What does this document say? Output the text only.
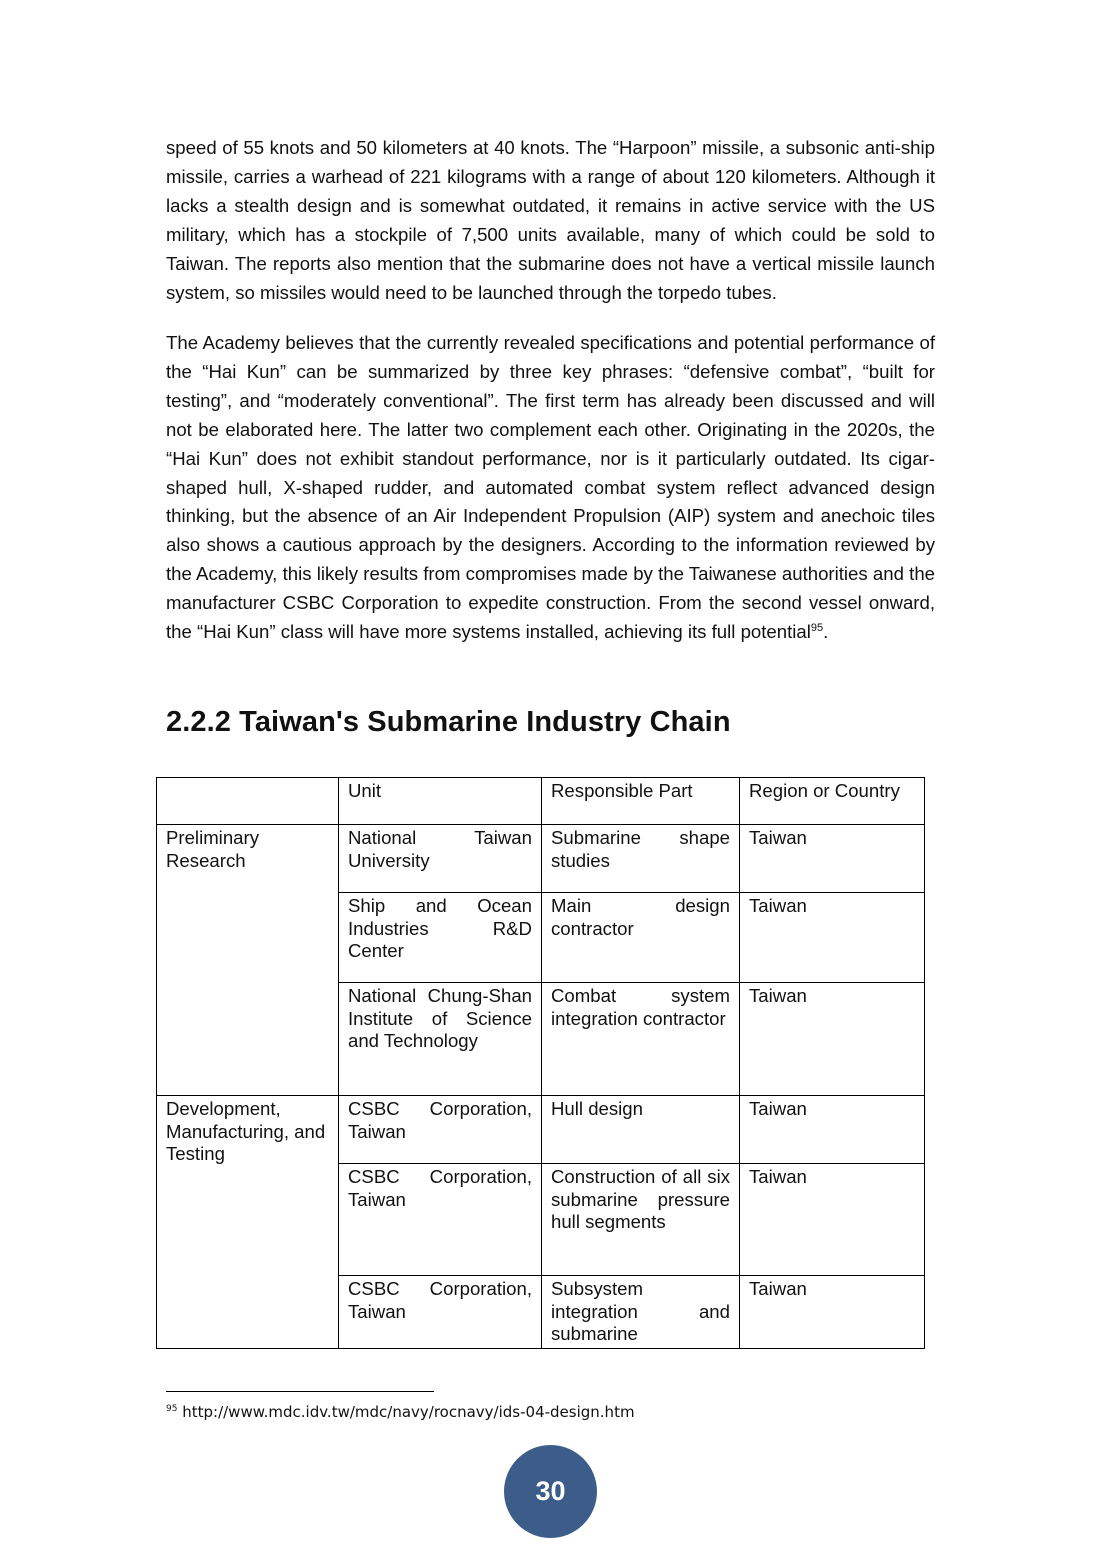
speed of 55 knots and 50 kilometers at 40 knots. The “Harpoon” missile, a subsonic anti-ship missile, carries a warhead of 221 kilograms with a range of about 120 kilometers. Although it lacks a stealth design and is somewhat outdated, it remains in active service with the US military, which has a stockpile of 7,500 units available, many of which could be sold to Taiwan. The reports also mention that the submarine does not have a vertical missile launch system, so missiles would need to be launched through the torpedo tubes.

The Academy believes that the currently revealed specifications and potential performance of the “Hai Kun” can be summarized by three key phrases: “defensive combat”, “built for testing”, and “moderately conventional”. The first term has already been discussed and will not be elaborated here. The latter two complement each other. Originating in the 2020s, the “Hai Kun” does not exhibit standout performance, nor is it particularly outdated. Its cigar-shaped hull, X-shaped rudder, and automated combat system reflect advanced design thinking, but the absence of an Air Independent Propulsion (AIP) system and anechoic tiles also shows a cautious approach by the designers. According to the information reviewed by the Academy, this likely results from compromises made by the Taiwanese authorities and the manufacturer CSBC Corporation to expedite construction. From the second vessel onward, the “Hai Kun” class will have more systems installed, achieving its full potential$^{95}$.

2.2.2 Taiwan's Submarine Industry Chain
	Unit	Responsible Part	Region or Country
Preliminary Research	National Taiwan University	Submarine shape studies	Taiwan
	Ship and Ocean Industries R&D Center	Main design contractor	Taiwan
	National Chung-Shan Institute of Science and Technology	Combat system integration contractor	Taiwan
Development, Manufacturing, and Testing	CSBC Corporation, Taiwan	Hull design	Taiwan
	CSBC Corporation, Taiwan	Construction of all six submarine pressure hull segments	Taiwan
	CSBC Corporation, Taiwan	Subsystem integration and submarine	Taiwan
$^{95}$ http://www.mdc.idv.tw/mdc/navy/rocnavy/ids-04-design.htm
30
